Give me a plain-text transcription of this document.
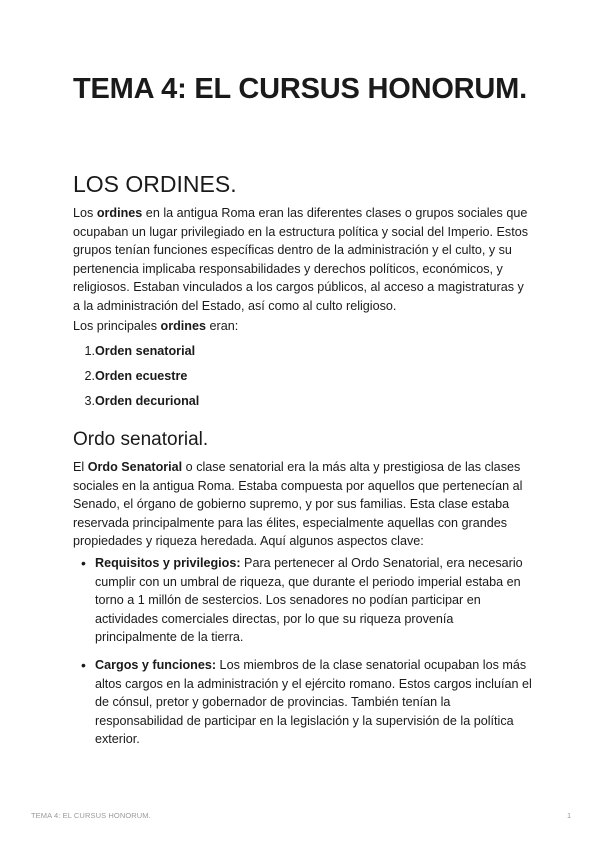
TEMA 4: EL CURSUS HONORUM.
LOS ORDINES.

Los ordines en la antigua Roma eran las diferentes clases o grupos sociales que ocupaban un lugar privilegiado en la estructura política y social del Imperio. Estos grupos tenían funciones específicas dentro de la administración y el culto, y su pertenencia implicaba responsabilidades y derechos políticos, económicos, y religiosos. Estaban vinculados a los cargos públicos, al acceso a magistraturas y a la administración del Estado, así como al culto religioso.

Los principales ordines eran:

1. Orden senatorial
2. Orden ecuestre
3. Orden decurional
Ordo senatorial.

El Ordo Senatorial o clase senatorial era la más alta y prestigiosa de las clases sociales en la antigua Roma. Estaba compuesta por aquellos que pertenecían al Senado, el órgano de gobierno supremo, y por sus familias. Esta clase estaba reservada principalmente para las élites, especialmente aquellas con grandes propiedades y riqueza heredada. Aquí algunos aspectos clave:

• Requisitos y privilegios: Para pertenecer al Ordo Senatorial, era necesario cumplir con un umbral de riqueza, que durante el periodo imperial estaba en torno a 1 millón de sestercios. Los senadores no podían participar en actividades comerciales directas, por lo que su riqueza provenía principalmente de la tierra.
• Cargos y funciones: Los miembros de la clase senatorial ocupaban los más altos cargos en la administración y el ejército romano. Estos cargos incluían el de cónsul, pretor y gobernador de provincias. También tenían la responsabilidad de participar en la legislación y la supervisión de la política exterior.
TEMA 4: EL CURSUS HONORUM.	1
